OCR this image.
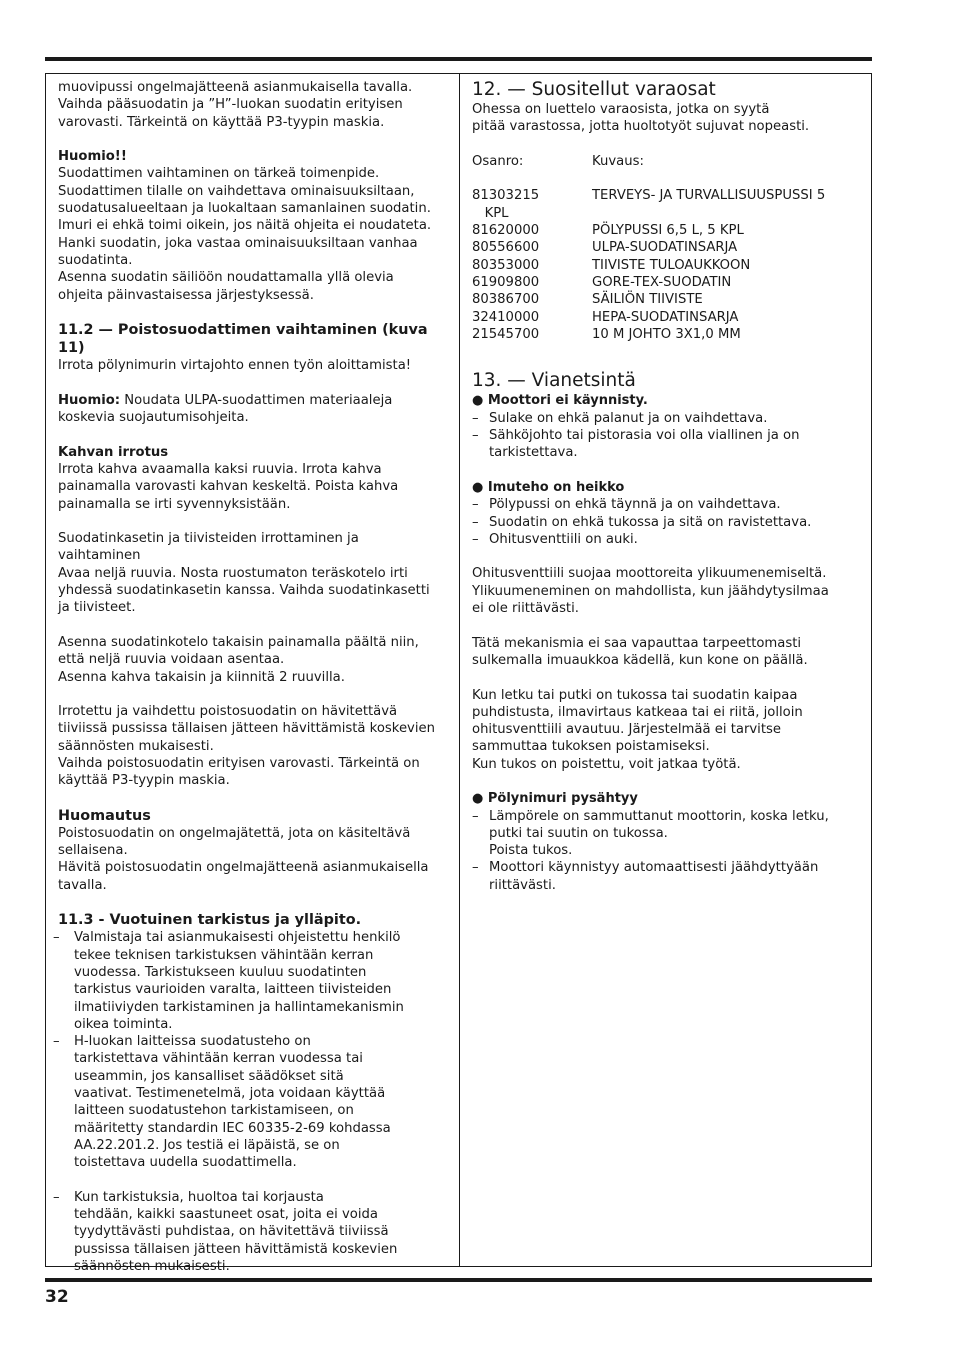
muovipussi ongelmajätteenä asianmukaisella tavalla.

Vaihda pääsuodatin ja ”H”-luokan suodatin erityisen

varovasti. Tärkeintä on käyttää P3-tyypin maskia.

Huomio!!

Suodattimen vaihtaminen on tärkeä toimenpide.

Suodattimen tilalle on vaihdettava ominaisuuksiltaan,

suodatusalueeltaan ja luokaltaan samanlainen suodatin.

Imuri ei ehkä toimi oikein, jos näitä ohjeita ei noudateta.

Hanki suodatin, joka vastaa ominaisuuksiltaan vanhaa

suodatinta.

Asenna suodatin säiliöön noudattamalla yllä olevia

ohjeita päinvastaisessa järjestyksessä.

11.2 — Poistosuodattimen vaihtaminen (kuva 11)

Irrota pölynimurin virtajohto ennen työn aloittamista!

Huomio: Noudata ULPA-suodattimen materiaaleja

koskevia suojautumisohjeita.

Kahvan irrotus

Irrota kahva avaamalla kaksi ruuvia. Irrota kahva

painamalla varovasti kahvan keskeltä. Poista kahva

painamalla se irti syvennyksistään.

Suodatinkasetin ja tiivisteiden irrottaminen ja

vaihtaminen

Avaa neljä ruuvia. Nosta ruostumaton teräskotelo irti

yhdessä suodatinkasetin kanssa. Vaihda suodatinkasetti

ja tiivisteet.

Asenna suodatinkotelo takaisin painamalla päältä niin,

että neljä ruuvia voidaan asentaa.

Asenna kahva takaisin ja kiinnitä 2 ruuvilla.

Irrotettu ja vaihdettu poistosuodatin on hävitettävä

tiiviissä pussissa tällaisen jätteen hävittämistä koskevien

säännösten mukaisesti.

Vaihda poistosuodatin erityisen varovasti. Tärkeintä on

käyttää P3-tyypin maskia.

Huomautus

Poistosuodatin on ongelmajätettä, jota on käsiteltävä

sellaisena.

Hävitä poistosuodatin ongelmajätteenä asianmukaisella

tavalla.

11.3 - Vuotuinen tarkistus ja ylläpito.

– Valmistaja tai asianmukaisesti ohjeistettu henkilö

tekee teknisen tarkistuksen vähintään kerran

vuodessa. Tarkistukseen kuuluu suodatinten

tarkistus vaurioiden varalta, laitteen tiivisteiden

ilmatiiviyden tarkistaminen ja hallintamekanismin

oikea toiminta.

– H-luokan laitteissa suodatusteho on

tarkistettava vähintään kerran vuodessa tai

useammin, jos kansalliset säädökset sitä

vaativat. Testimenetelmä, jota voidaan käyttää

laitteen suodatustehon tarkistamiseen, on

määritetty standardin IEC 60335-2-69 kohdassa

AA.22.201.2. Jos testiä ei läpäistä, se on

toistettava uudella suodattimella.

– Kun tarkistuksia, huoltoa tai korjausta

tehdään, kaikki saastuneet osat, joita ei voida

tyydyttävästi puhdistaa, on hävitettävä tiiviissä

pussissa tällaisen jätteen hävittämistä koskevien

säännösten mukaisesti.

12. — Suositellut varaosat

Ohessa on luettelo varaosista, jotka on syytä

pitää varastossa, jotta huoltotyöt sujuvat nopeasti.

Osanro:	Kuvaus:

81303215	TERVEYS- JA TURVALLISUUSPUSSI 5
KPL	
81620000	PÖLYPUSSI 6,5 L, 5 KPL
80556600	ULPA-SUODATINSARJA
80353000	TIIVISTE TULOAUKKOON
61909800	GORE-TEX-SUODATIN
80386700	SÄILIÖN TIIVISTE
32410000	HEPA-SUODATINSARJA
21545700	10 M JOHTO 3X1,0 MM

13. — Vianetsintä

● Moottori ei käynnisty.

– Sulake on ehkä palanut ja on vaihdettava.

– Sähköjohto tai pistorasia voi olla viallinen ja on

tarkistettava.

● Imuteho on heikko

– Pölypussi on ehkä täynnä ja on vaihdettava.

– Suodatin on ehkä tukossa ja sitä on ravistettava.

– Ohitusventtiili on auki.

Ohitusventtiili suojaa moottoreita ylikuumenemiseltä.

Ylikuumeneminen on mahdollista, kun jäähdytysilmaa

ei ole riittävästi.

Tätä mekanismia ei saa vapauttaa tarpeettomasti

sulkemalla imuaukkoa kädellä, kun kone on päällä.

Kun letku tai putki on tukossa tai suodatin kaipaa

puhdistusta, ilmavirtaus katkeaa tai ei riitä, jolloin

ohitusventtiili avautuu. Järjestelmää ei tarvitse

sammuttaa tukoksen poistamiseksi.

Kun tukos on poistettu, voit jatkaa työtä.

● Pölynimuri pysähtyy

– Lämpörele on sammuttanut moottorin, koska letku,

putki tai suutin on tukossa.

Poista tukos.

– Moottori käynnistyy automaattisesti jäähdyttyään

riittävästi.

32
